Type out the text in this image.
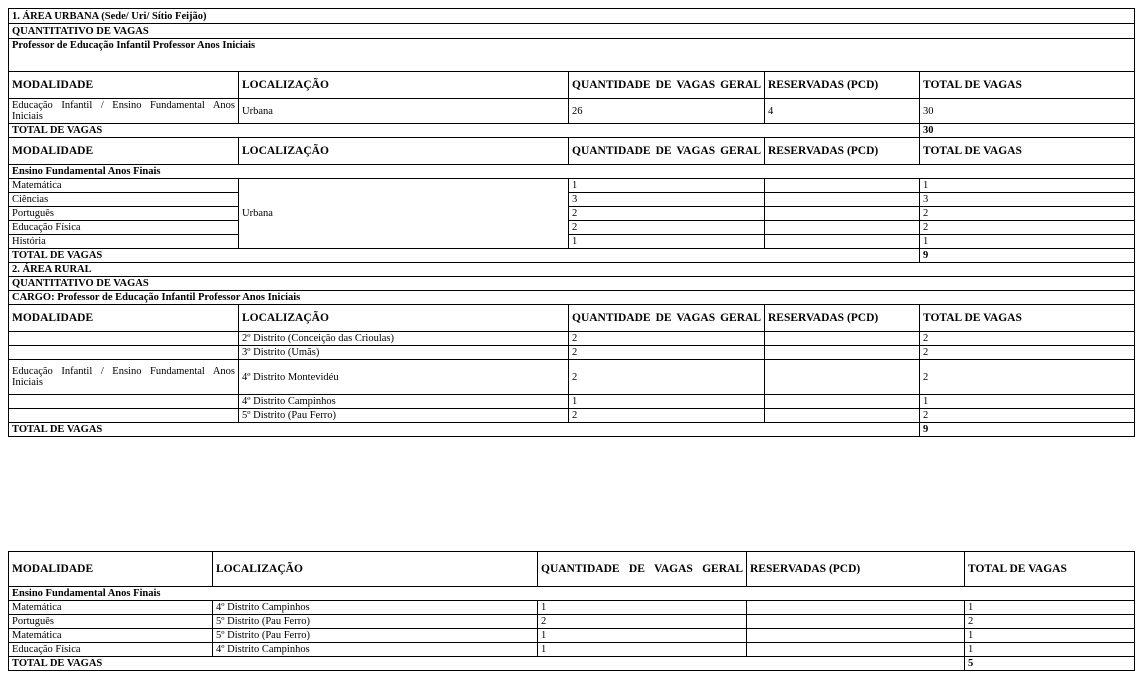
1. ÁREA URBANA (Sede/ Uri/ Sítio Feijão)				
QUANTITATIVO DE VAGAS				
Professor de Educação Infantil Professor Anos Iniciais				
MODALIDADE	LOCALIZAÇÃO	QUANTIDADE DE VAGAS GERAL	RESERVADAS (PCD)	TOTAL DE VAGAS
Educação Infantil / Ensino Fundamental Anos Iniciais	Urbana	26	4	30
TOTAL DE VAGAS				30
MODALIDADE	LOCALIZAÇÃO	QUANTIDADE DE VAGAS GERAL	RESERVADAS (PCD)	TOTAL DE VAGAS
Ensino Fundamental Anos Finais				
Matemática	Urbana	1		1
Ciências		3		3
Português		2		2
Educação Física		2		2
História		1		1
TOTAL DE VAGAS				9
2. ÁREA RURAL				
QUANTITATIVO DE VAGAS				
CARGO: Professor de Educação Infantil Professor Anos Iniciais				
MODALIDADE	LOCALIZAÇÃO	QUANTIDADE DE VAGAS GERAL	RESERVADAS (PCD)	TOTAL DE VAGAS
	2º Distrito (Conceição das Crioulas)	2		2
	3º Distrito (Umãs)	2		2
Educação Infantil / Ensino Fundamental Anos Iniciais	4º Distrito Montevidéu	2		2
	4º Distrito Campinhos	1		1
	5º Distrito (Pau Ferro)	2		2
TOTAL DE VAGAS				9
MODALIDADE	LOCALIZAÇÃO	QUANTIDADE DE VAGAS GERAL	RESERVADAS (PCD)	TOTAL DE VAGAS
Ensino Fundamental Anos Finais				
Matemática	4º Distrito Campinhos	1		1
Português	5º Distrito (Pau Ferro)	2		2
Matemática	5º Distrito (Pau Ferro)	1		1
Educação Física	4º Distrito Campinhos	1		1
TOTAL DE VAGAS				5
